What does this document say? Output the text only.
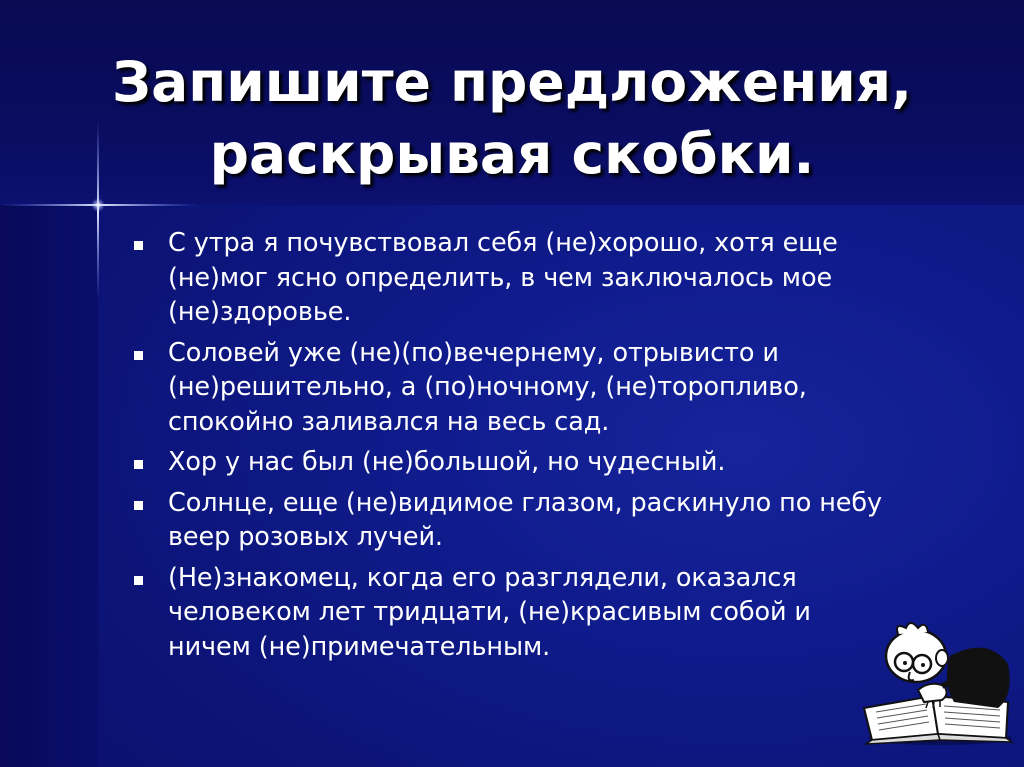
Запишите предложения,
раскрывая скобки.
С утра я почувствовал себя (не)хорошо, хотя еще
(не)мог ясно определить, в чем заключалось мое
(не)здоровье.
Соловей уже (не)(по)вечернему, отрывисто и
(не)решительно, а (по)ночному, (не)торопливо,
спокойно заливался на весь сад.
Хор у нас был (не)большой, но чудесный.
Солнце, еще (не)видимое глазом, раскинуло по небу
веер розовых лучей.
(Не)знакомец, когда его разглядели, оказался
человеком лет тридцати, (не)красивым собой и
ничем (не)примечательным.
